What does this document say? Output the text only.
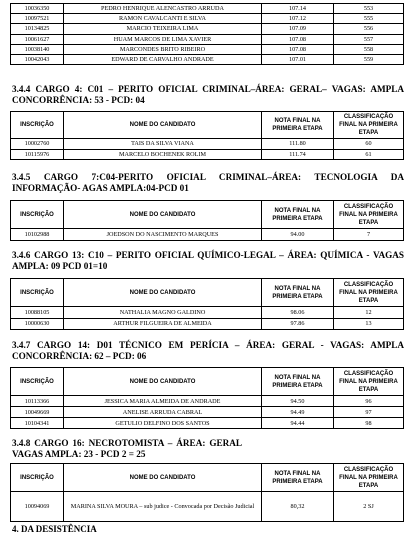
10036350	PEDRO HENRIQUE ALENCASTRO ARRUDA	107.14	553
10097521	RAMON CAVALCANTI E SILVA	107.12	555
10134825	MARCIO TEIXEIRA LIMA	107.09	556
10061627	HUAM MARCOS DE LIMA XAVIER	107.08	557
10038140	MARCONDES BRITO RIBEIRO	107.08	558
10042043	EDWARD DE CARVALHO ANDRADE	107.01	559
3.4.4 CARGO 4: C01 – PERITO OFICIAL CRIMINAL–ÁREA: GERAL– VAGAS: AMPLA CONCORRÊNCIA: 53 - PCD: 04
INSCRIÇÃO	NOME DO CANDIDATO	NOTA FINAL NA PRIMEIRA ETAPA	CLASSIFICAÇÃO FINAL NA PRIMEIRA ETAPA
10002760	TAIS DA SILVA VIANA	111.80	60
10115976	MARCELO BOCHENEK ROLIM	111.74	61
3.4.5 CARGO 7:C04-PERITO OFICIAL CRIMINAL–ÁREA: TECNOLOGIA DA INFORMAÇÃO- AGAS AMPLA:04-PCD 01
INSCRIÇÃO	NOME DO CANDIDATO	NOTA FINAL NA PRIMEIRA ETAPA	CLASSIFICAÇÃO FINAL NA PRIMEIRA ETAPA
10102988	JOEDSON DO NASCIMENTO MARQUES	94.00	7
3.4.6 CARGO 13: C10 – PERITO OFICIAL QUÍMICO-LEGAL – ÁREA: QUÍMICA - VAGAS AMPLA: 09 PCD 01=10
INSCRIÇÃO	NOME DO CANDIDATO	NOTA FINAL NA PRIMEIRA ETAPA	CLASSIFICAÇÃO FINAL NA PRIMEIRA ETAPA
10088105	NATHALIA MAGNO GALDINO	98.06	12
10000630	ARTHUR FILGUEIRA DE ALMEIDA	97.86	13
3.4.7 CARGO 14: D01 TÉCNICO EM PERÍCIA – ÁREA: GERAL - VAGAS: AMPLA CONCORRÊNCIA: 62 – PCD: 06
INSCRIÇÃO	NOME DO CANDIDATO	NOTA FINAL NA PRIMEIRA ETAPA	CLASSIFICAÇÃO FINAL NA PRIMEIRA ETAPA
10113366	JESSICA MARIA ALMEIDA DE ANDRADE	94.50	96
10049669	ANELISE ARRUDA CABRAL	94.49	97
10104341	GETULIO DELFINO DOS SANTOS	94.44	98
3.4.8 CARGO 16: NECROTOMISTA – ÁREA: GERAL VAGAS AMPLA: 23 - PCD 2 = 25
INSCRIÇÃO	NOME DO CANDIDATO	NOTA FINAL NA PRIMEIRA ETAPA	CLASSIFICAÇÃO FINAL NA PRIMEIRA ETAPA
10094069	MARINA SILVA MOURA – sub judice - Convocada por Decisão Judicial	80,32	2 SJ
4. DA DESISTÊNCIA
